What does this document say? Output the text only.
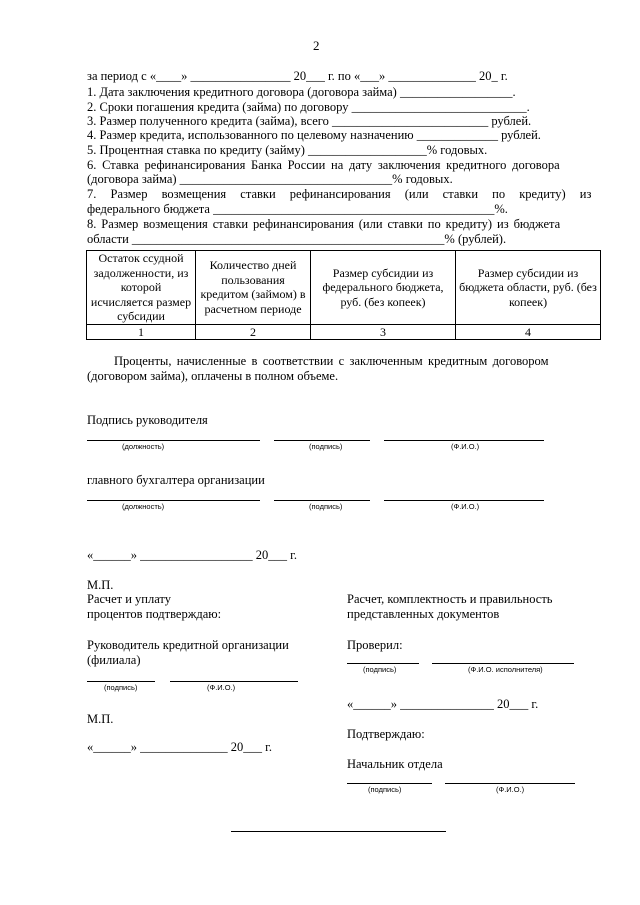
2
за период с «____» ________________ 20___ г. по «___» ______________ 20_ г.
1. Дата заключения кредитного договора (договора займа) __________________.
2. Сроки погашения кредита (займа) по договору ____________________________.
3. Размер полученного кредита (займа), всего _________________________ рублей.
4. Размер кредита, использованного по целевому назначению _____________ рублей.
5. Процентная ставка по кредиту (займу) ___________________% годовых.
6. Ставка рефинансирования Банка России на дату заключения кредитного договора
(договора займа) __________________________________% годовых.
7. Размер возмещения ставки рефинансирования (или ставки по кредиту) из
федерального бюджета _____________________________________________%.
8. Размер возмещения ставки рефинансирования (или ставки по кредиту) из бюджета
области __________________________________________________% (рублей).
Остаток ссудной задолженности, из которой исчисляется размер субсидии	Количество дней пользования кредитом (займом) в расчетном периоде	Размер субсидии из федерального бюджета, руб. (без копеек)	Размер субсидии из бюджета области, руб. (без копеек)
1	2	3	4
Проценты, начисленные в соответствии с заключенным кредитным договором
(договором займа), оплачены в полном объеме.
Подпись руководителя
(должность)	(подпись)	(Ф.И.О.)
главного бухгалтера организации
(должность)	(подпись)	(Ф.И.О.)
«______» __________________ 20___ г.
М.П.
Расчет и уплату
процентов подтверждаю:
Руководитель кредитной организации
(филиала)
(подпись)	(Ф.И.О.)
М.П.
«______» ______________ 20___ г.
Расчет, комплектность и правильность
представленных документов
Проверил:
(подпись)	(Ф.И.О. исполнителя)
«______» _______________ 20___ г.
Подтверждаю:
Начальник отдела
(подпись)	(Ф.И.О.)
